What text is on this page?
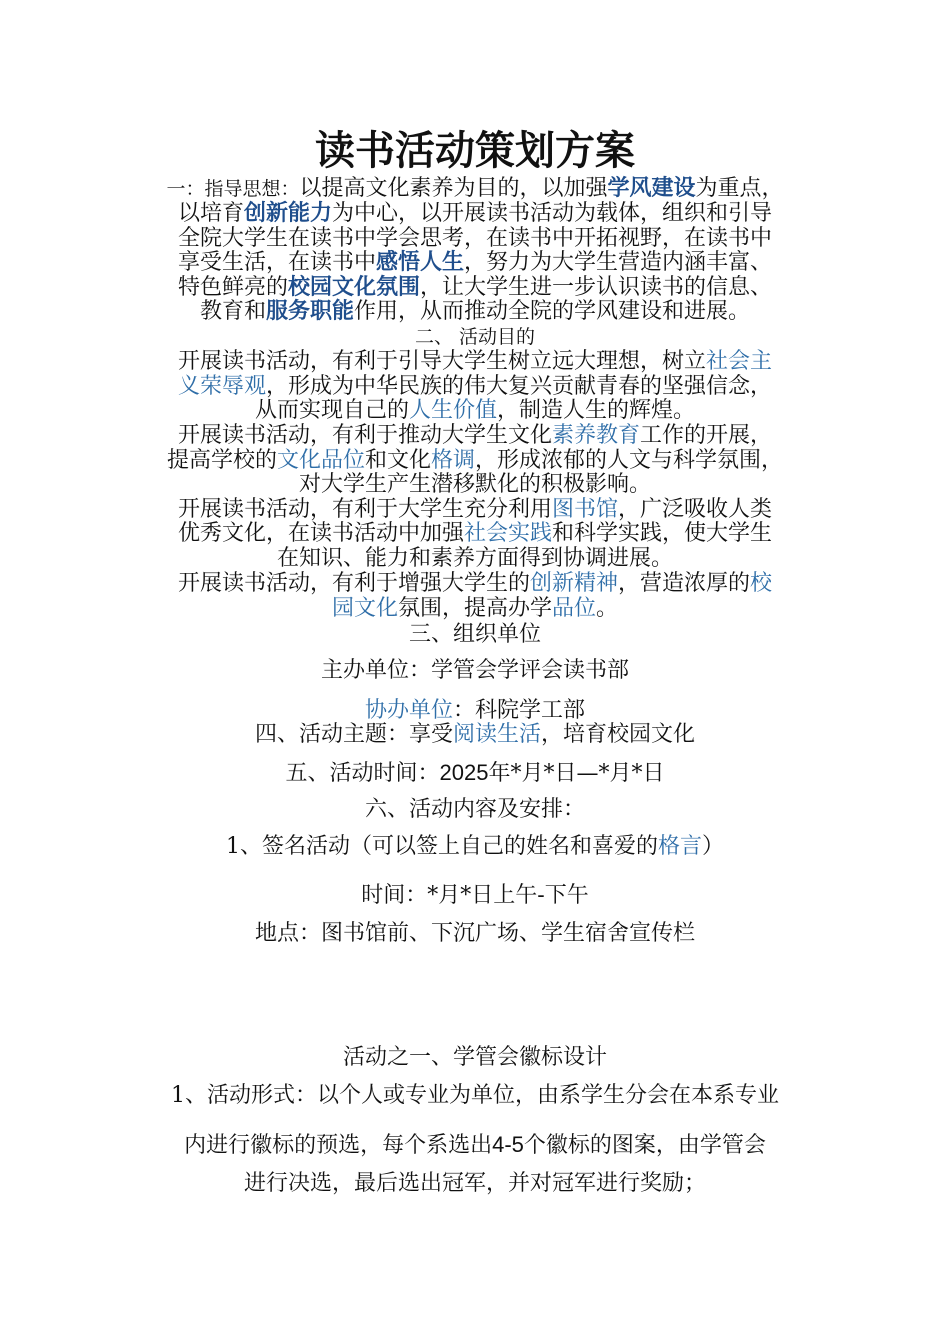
读书活动策划方案
一：指导思想：以提高文化素养为目的，以加强学风建设为重点，
以培育创新能力为中心，以开展读书活动为载体，组织和引导
全院大学生在读书中学会思考，在读书中开拓视野，在读书中
享受生活，在读书中感悟人生，努力为大学生营造内涵丰富、
特色鲜亮的校园文化氛围，让大学生进一步认识读书的信息、
教育和服务职能作用，从而推动全院的学风建设和进展。
二、 活动目的
开展读书活动，有利于引导大学生树立远大理想，树立社会主
义荣辱观，形成为中华民族的伟大复兴贡献青春的坚强信念，
从而实现自己的人生价值，制造人生的辉煌。
开展读书活动，有利于推动大学生文化素养教育工作的开展，
提高学校的文化品位和文化格调，形成浓郁的人文与科学氛围，
对大学生产生潜移默化的积极影响。
开展读书活动，有利于大学生充分利用图书馆，广泛吸收人类
优秀文化，在读书活动中加强社会实践和科学实践，使大学生
在知识、能力和素养方面得到协调进展。
开展读书活动，有利于增强大学生的创新精神，营造浓厚的校
园文化氛围，提高办学品位。
三、组织单位
主办单位：学管会学评会读书部
协办单位：科院学工部
四、活动主题：享受阅读生活，培育校园文化
五、活动时间：2025年*月*日—*月*日
六、活动内容及安排：
1、签名活动（可以签上自己的姓名和喜爱的格言）
时间：*月*日上午-下午
地点：图书馆前、下沉广场、学生宿舍宣传栏
活动之一、学管会徽标设计
1、活动形式：以个人或专业为单位，由系学生分会在本系专业
内进行徽标的预选，每个系选出4-5个徽标的图案，由学管会
进行决选，最后选出冠军，并对冠军进行奖励；
